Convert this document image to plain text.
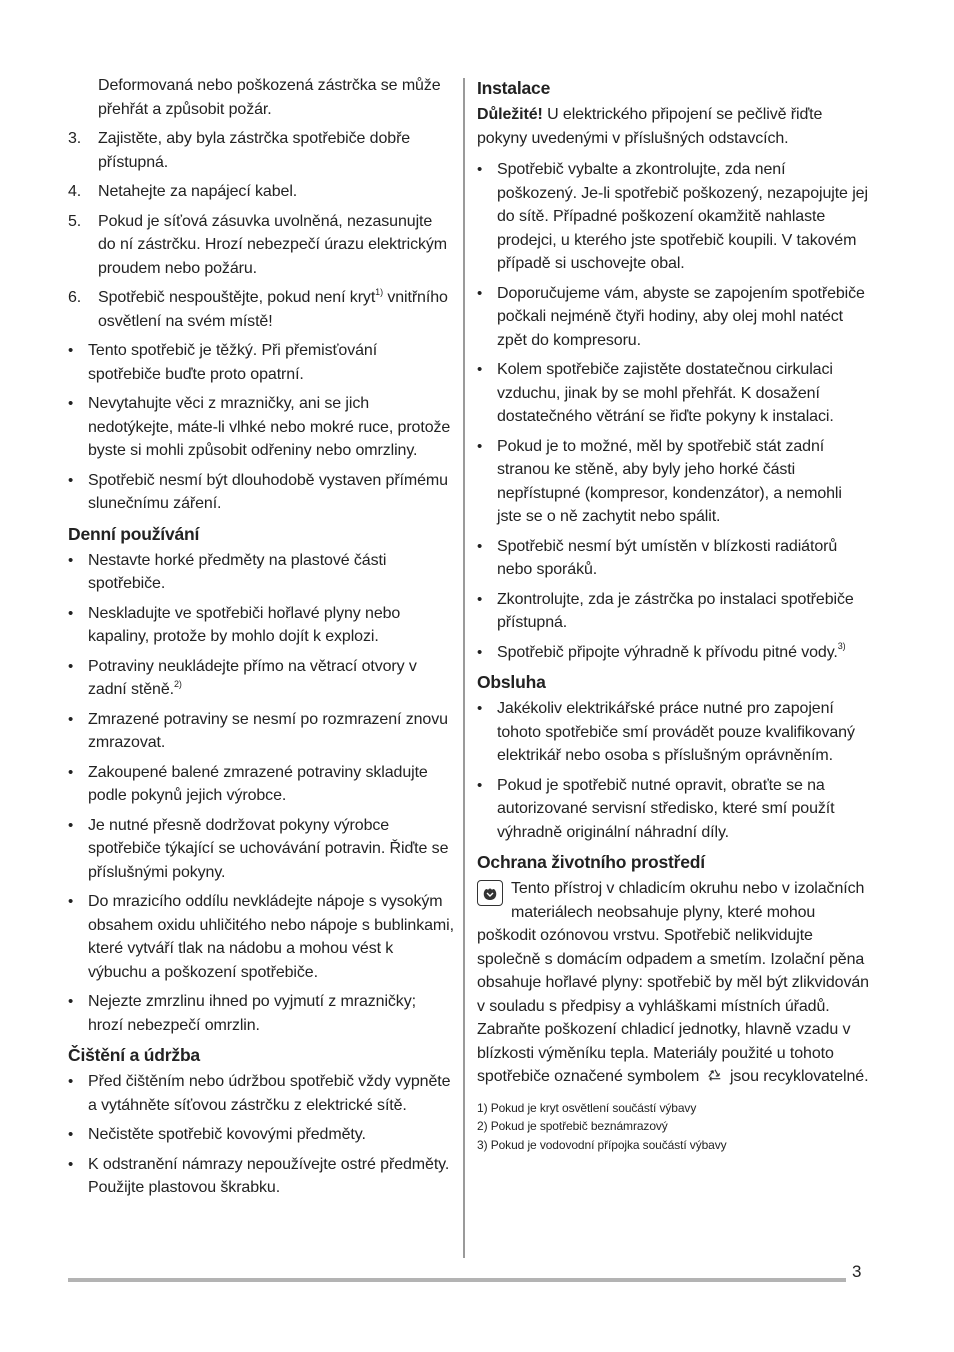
Deformovaná nebo poškozená zástrčka se může přehřát a způsobit požár.

3. Zajistěte, aby byla zástrčka spotřebiče dobře přístupná.
4. Netahejte za napájecí kabel.
5. Pokud je síťová zásuvka uvolněná, nezasunujte do ní zástrčku. Hrozí nebezpečí úrazu elektrickým proudem nebo požáru.
6. Spotřebič nespouštějte, pokud není kryt$^{1)}$ vnitřního osvětlení na svém místě!
• Tento spotřebič je těžký. Při přemisťování spotřebiče buďte proto opatrní.
• Nevytahujte věci z mrazničky, ani se jich nedotýkejte, máte-li vlhké nebo mokré ruce, protože byste si mohli způsobit odřeniny nebo omrzliny.
• Spotřebič nesmí být dlouhodobě vystaven přímému slunečnímu záření.
Denní používání
• Nestavte horké předměty na plastové části spotřebiče.
• Neskladujte ve spotřebiči hořlavé plyny nebo kapaliny, protože by mohlo dojít k explozi.
• Potraviny neukládejte přímo na větrací otvory v zadní stěně.$^{2)}$
• Zmrazené potraviny se nesmí po rozmrazení znovu zmrazovat.
• Zakoupené balené zmrazené potraviny skladujte podle pokynů jejich výrobce.
• Je nutné přesně dodržovat pokyny výrobce spotřebiče týkající se uchovávání potravin. Řiďte se příslušnými pokyny.
• Do mrazicího oddílu nevkládejte nápoje s vysokým obsahem oxidu uhličitého nebo nápoje s bublinkami, které vytváří tlak na nádobu a mohou vést k výbuchu a poškození spotřebiče.
• Nejezte zmrzlinu ihned po vyjmutí z mrazničky; hrozí nebezpečí omrzlin.
Čištění a údržba
• Před čištěním nebo údržbou spotřebič vždy vypněte a vytáhněte síťovou zástrčku z elektrické sítě.
• Nečistěte spotřebič kovovými předměty.
• K odstranění námrazy nepoužívejte ostré předměty. Použijte plastovou škrabku.
Instalace

Důležité! U elektrického připojení se pečlivě řiďte pokyny uvedenými v příslušných odstavcích.

• Spotřebič vybalte a zkontrolujte, zda není poškozený. Je-li spotřebič poškozený, nezapojujte jej do sítě. Případné poškození okamžitě nahlaste prodejci, u kterého jste spotřebič koupili. V takovém případě si uschovejte obal.
• Doporučujeme vám, abyste se zapojením spotřebiče počkali nejméně čtyři hodiny, aby olej mohl natéct zpět do kompresoru.
• Kolem spotřebiče zajistěte dostatečnou cirkulaci vzduchu, jinak by se mohl přehřát. K dosažení dostatečného větrání se řiďte pokyny k instalaci.
• Pokud je to možné, měl by spotřebič stát zadní stranou ke stěně, aby byly jeho horké části nepřístupné (kompresor, kondenzátor), a nemohli jste se o ně zachytit nebo spálit.
• Spotřebič nesmí být umístěn v blízkosti radiátorů nebo sporáků.
• Zkontrolujte, zda je zástrčka po instalaci spotřebiče přístupná.
• Spotřebič připojte výhradně k přívodu pitné vody.$^{3)}$
Obsluha
• Jakékoliv elektrikářské práce nutné pro zapojení tohoto spotřebiče smí provádět pouze kvalifikovaný elektrikář nebo osoba s příslušným oprávněním.
• Pokud je spotřebič nutné opravit, obraťte se na autorizované servisní středisko, které smí použít výhradně originální náhradní díly.
Ochrana životního prostředí
Tento přístroj v chladicím okruhu nebo v izolačních materiálech neobsahuje plyny, které mohou poškodit ozónovou vrstvu. Spotřebič nelikvidujte společně s domácím odpadem a smetím. Izolační pěna obsahuje hořlavé plyny: spotřebič by měl být zlikvidován v souladu s předpisy a vyhláškami místních úřadů. Zabraňte poškození chladicí jednotky, hlavně vzadu v blízkosti výměníku tepla. Materiály použité u tohoto spotřebiče označené symbolem  jsou recyklovatelné.
1) Pokud je kryt osvětlení součástí výbavy
2) Pokud je spotřebič beznámrazový
3) Pokud je vodovodní přípojka součástí výbavy
3
